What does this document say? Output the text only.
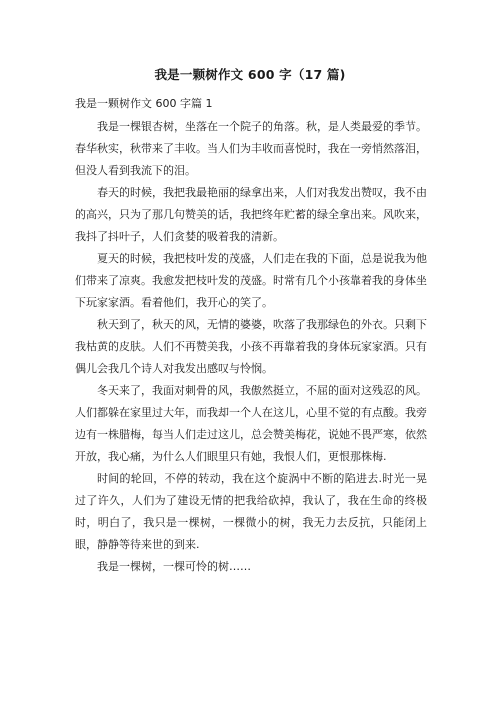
我是一颗树作文 600 字（17 篇)
我是一颗树作文 600 字篇 1

我是一棵银杏树，坐落在一个院子的角落。秋，是人类最爱的季节。春华秋实，秋带来了丰收。当人们为丰收而喜悦时，我在一旁悄然落泪，但没人看到我流下的泪。

春天的时候，我把我最艳丽的绿拿出来，人们对我发出赞叹，我不由的高兴，只为了那几句赞美的话，我把终年贮蓄的绿全拿出来。风吹来，我抖了抖叶子，人们贪婪的吸着我的清新。

夏天的时候，我把枝叶发的茂盛，人们走在我的下面，总是说我为他们带来了凉爽。我愈发把枝叶发的茂盛。时常有几个小孩靠着我的身体坐下玩家家酒。看着他们，我开心的笑了。

秋天到了，秋天的风，无情的婆婆，吹落了我那绿色的外衣。只剩下我枯黄的皮肤。人们不再赞美我，小孩不再靠着我的身体玩家家酒。只有偶儿会我几个诗人对我发出感叹与怜悯。

冬天来了，我面对刺骨的风，我傲然挺立，不屈的面对这残忍的风。人们都躲在家里过大年，而我却一个人在这儿，心里不觉的有点酸。我旁边有一株腊梅，每当人们走过这儿，总会赞美梅花，说她不畏严寒，依然开放，我心痛，为什么人们眼里只有她，我恨人们，更恨那株梅.

时间的轮回，不停的转动，我在这个旋涡中不断的陷进去.时光一晃过了许久，人们为了建设无情的把我给砍掉，我认了，我在生命的终极时，明白了，我只是一棵树，一棵微小的树，我无力去反抗，只能闭上眼，静静等待来世的到来.

我是一棵树，一棵可怜的树……
